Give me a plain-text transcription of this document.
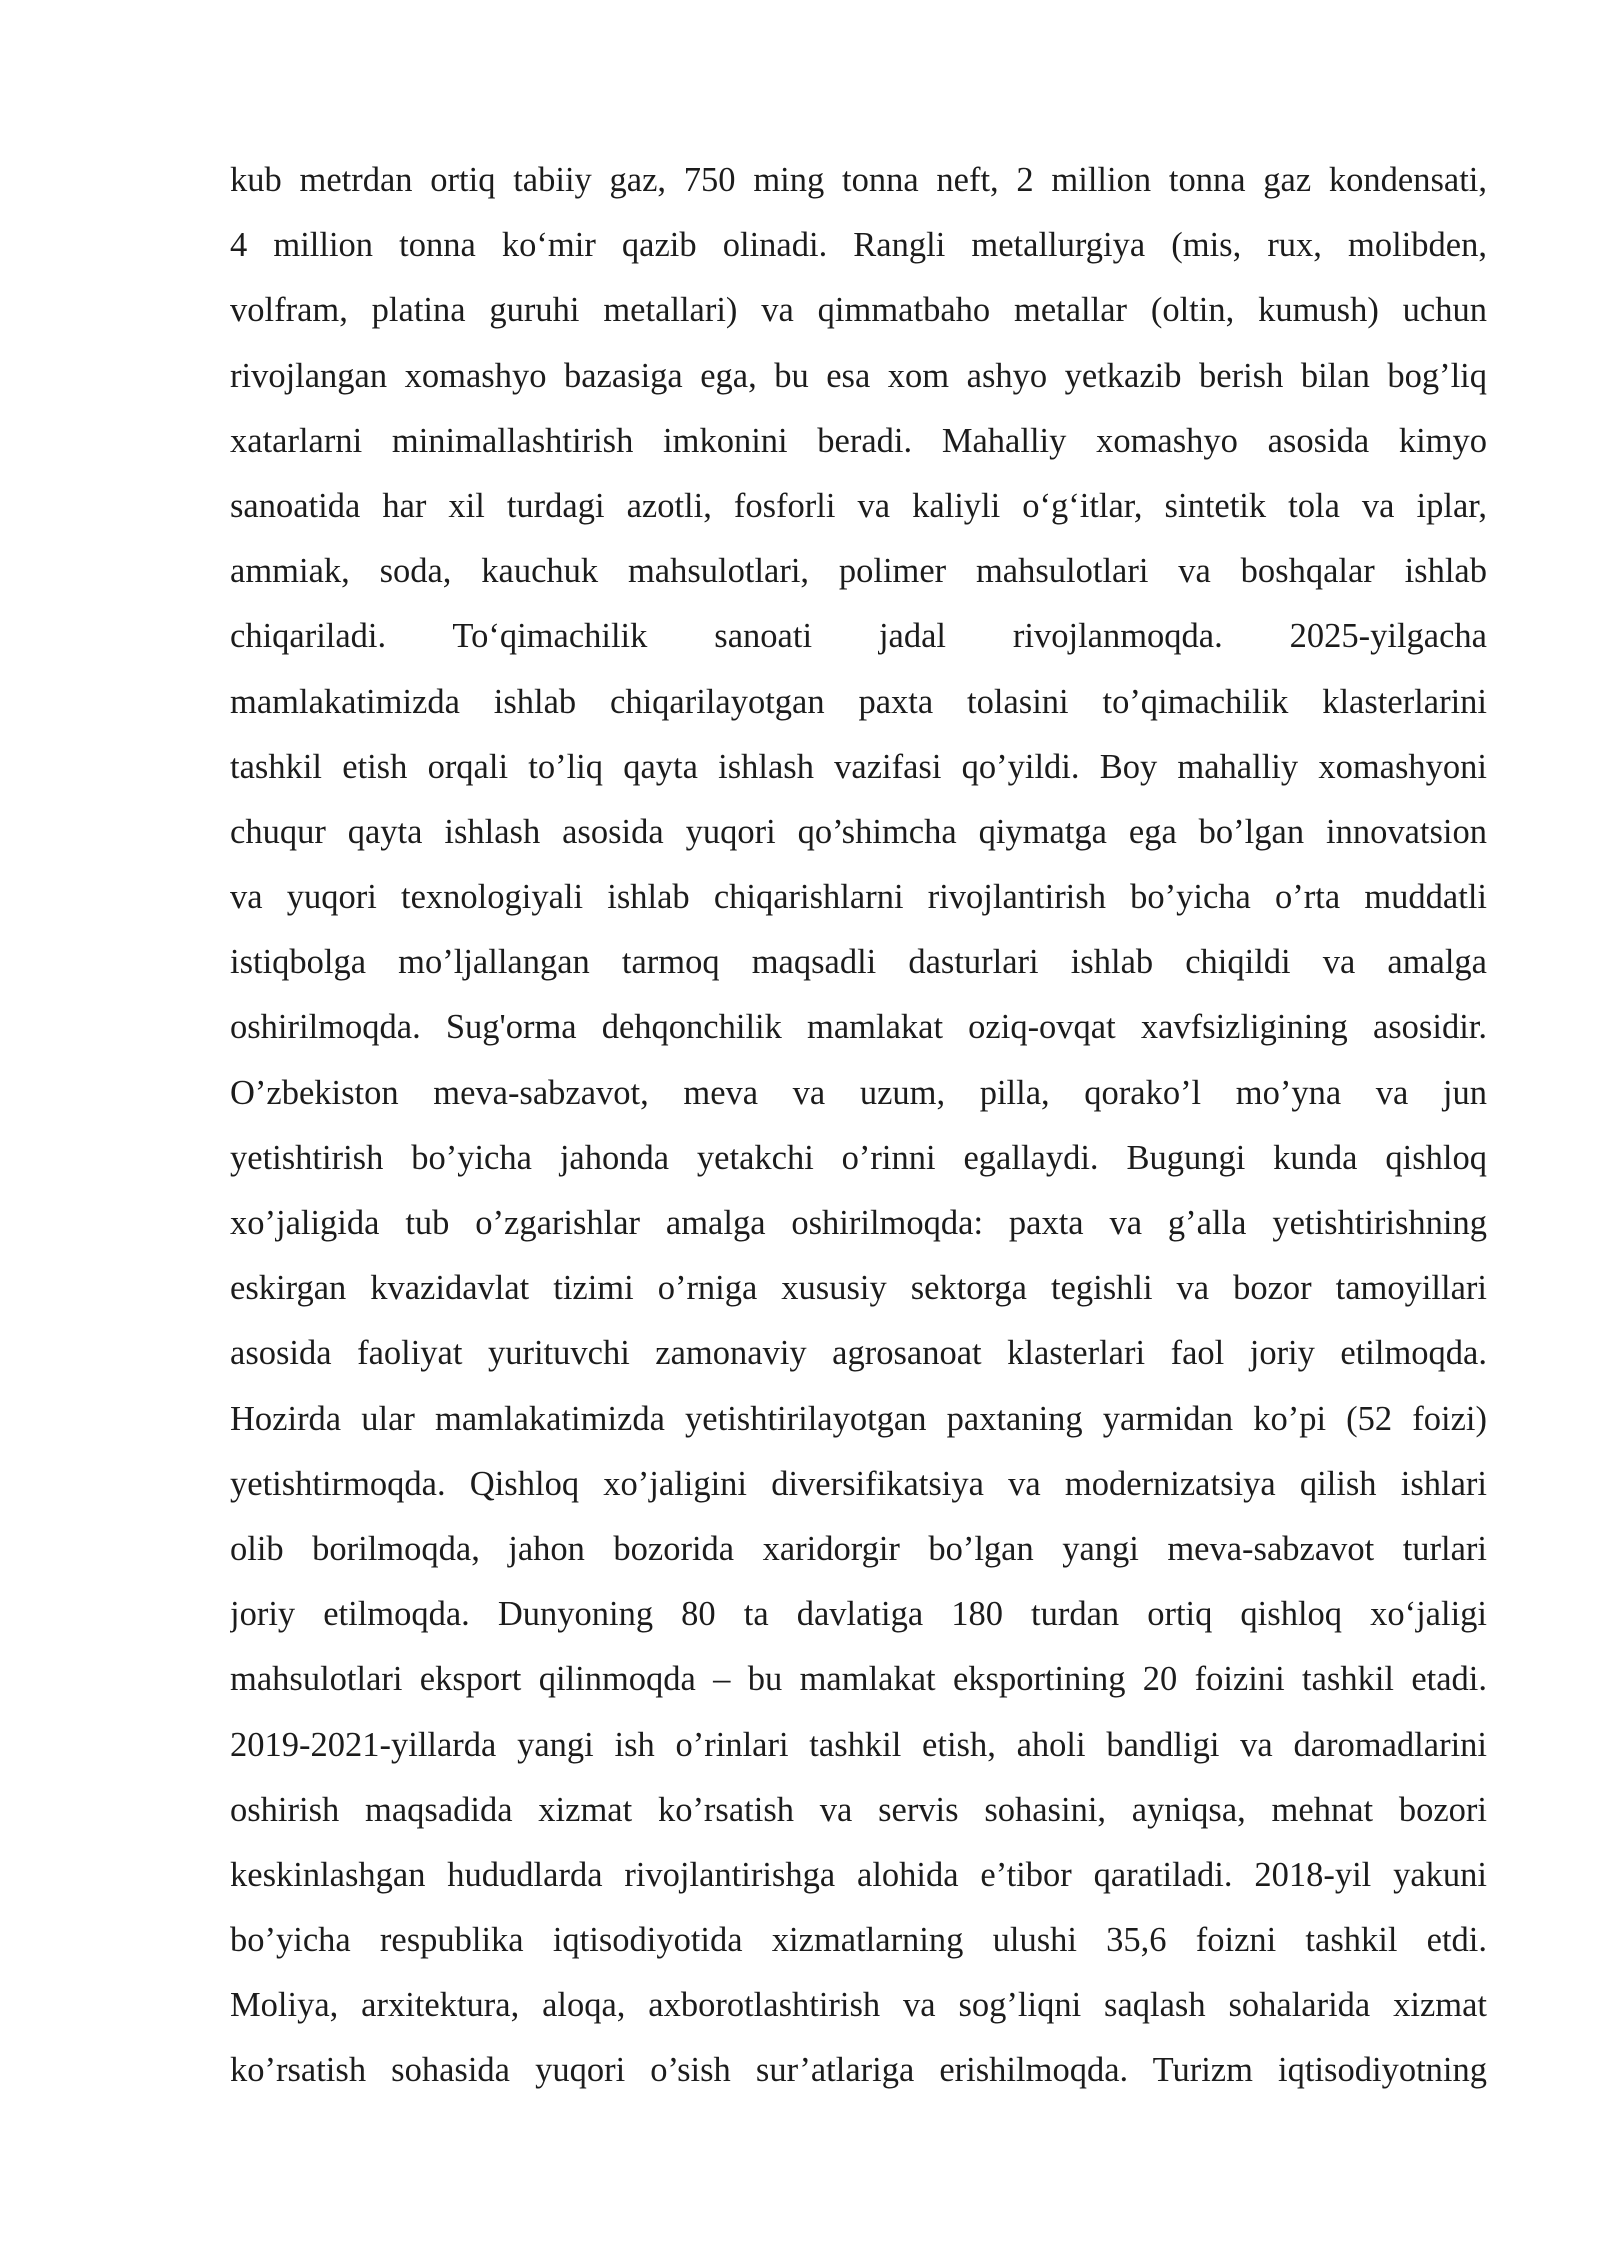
kub metrdan ortiq tabiiy gaz, 750 ming tonna neft, 2 million tonna gaz kondensati,
4 million tonna ko‘mir qazib olinadi. Rangli metallurgiya (mis, rux, molibden,
volfram, platina guruhi metallari) va qimmatbaho metallar (oltin, kumush) uchun
rivojlangan xomashyo bazasiga ega, bu esa xom ashyo yetkazib berish bilan bog’liq
xatarlarni minimallashtirish imkonini beradi. Mahalliy xomashyo asosida kimyo
sanoatida har xil turdagi azotli, fosforli va kaliyli o‘g‘itlar, sintetik tola va iplar,
ammiak, soda, kauchuk mahsulotlari, polimer mahsulotlari va boshqalar ishlab
chiqariladi. To‘qimachilik sanoati jadal rivojlanmoqda. 2025-yilgacha
mamlakatimizda ishlab chiqarilayotgan paxta tolasini to’qimachilik klasterlarini
tashkil etish orqali to’liq qayta ishlash vazifasi qo’yildi. Boy mahalliy xomashyoni
chuqur qayta ishlash asosida yuqori qo’shimcha qiymatga ega bo’lgan innovatsion
va yuqori texnologiyali ishlab chiqarishlarni rivojlantirish bo’yicha o’rta muddatli
istiqbolga mo’ljallangan tarmoq maqsadli dasturlari ishlab chiqildi va amalga
oshirilmoqda. Sug'orma dehqonchilik mamlakat oziq-ovqat xavfsizligining asosidir.
O’zbekiston meva-sabzavot, meva va uzum, pilla, qorako’l mo’yna va jun
yetishtirish bo’yicha jahonda yetakchi o’rinni egallaydi. Bugungi kunda qishloq
xo’jaligida tub o’zgarishlar amalga oshirilmoqda: paxta va g’alla yetishtirishning
eskirgan kvazidavlat tizimi o’rniga xususiy sektorga tegishli va bozor tamoyillari
asosida faoliyat yurituvchi zamonaviy agrosanoat klasterlari faol joriy etilmoqda.
Hozirda ular mamlakatimizda yetishtirilayotgan paxtaning yarmidan ko’pi (52 foizi)
yetishtirmoqda. Qishloq xo’jaligini diversifikatsiya va modernizatsiya qilish ishlari
olib borilmoqda, jahon bozorida xaridorgir bo’lgan yangi meva-sabzavot turlari
joriy etilmoqda. Dunyoning 80 ta davlatiga 180 turdan ortiq qishloq xo‘jaligi
mahsulotlari eksport qilinmoqda – bu mamlakat eksportining 20 foizini tashkil etadi.
2019-2021-yillarda yangi ish o’rinlari tashkil etish, aholi bandligi va daromadlarini
oshirish maqsadida xizmat ko’rsatish va servis sohasini, ayniqsa, mehnat bozori
keskinlashgan hududlarda rivojlantirishga alohida e’tibor qaratiladi. 2018-yil yakuni
bo’yicha respublika iqtisodiyotida xizmatlarning ulushi 35,6 foizni tashkil etdi.
Moliya, arxitektura, aloqa, axborotlashtirish va sog’liqni saqlash sohalarida xizmat
ko’rsatish sohasida yuqori o’sish sur’atlariga erishilmoqda. Turizm iqtisodiyotning
